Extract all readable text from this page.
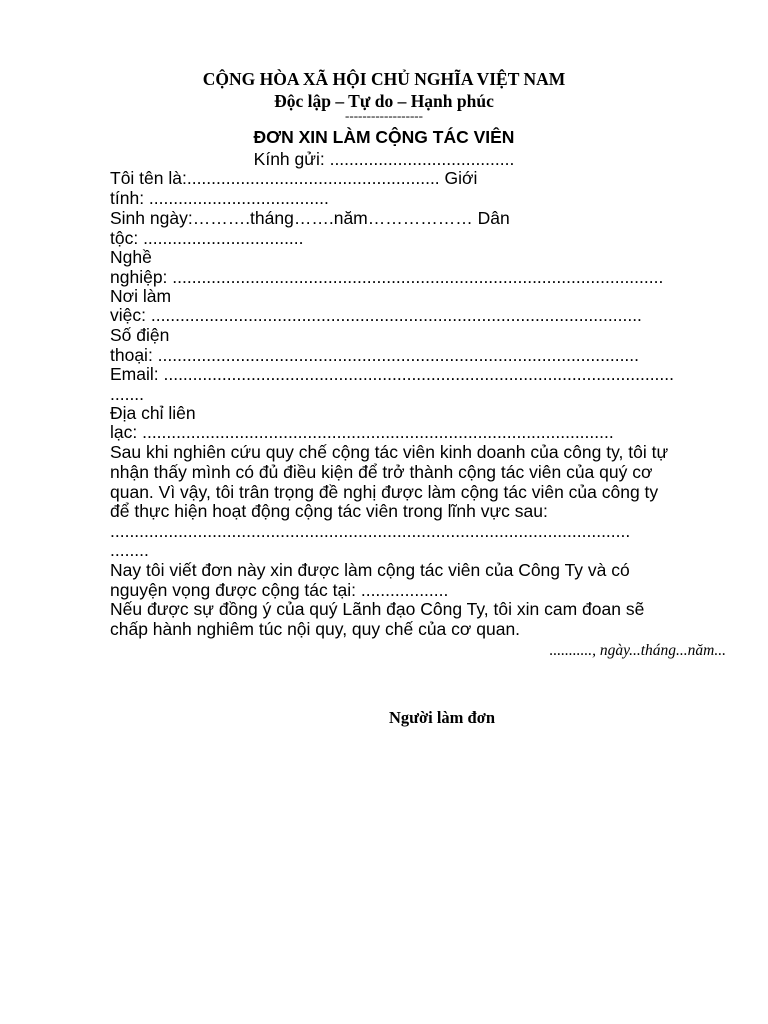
CỘNG HÒA XÃ HỘI CHỦ NGHĨA VIỆT NAM
Độc lập – Tự do – Hạnh phúc
------------------
ĐƠN XIN LÀM CỘNG TÁC VIÊN
Kính gửi: ......................................
Tôi tên là:.................................................... Giới
tính: .....................................
Sinh ngày:……….tháng…….năm……………… Dân
tộc: .................................
Nghề
nghiệp: .....................................................................................................
Nơi làm
việc: .....................................................................................................
Số điện
thoại: ...................................................................................................
Email: .........................................................................................................
.......
Địa chỉ liên
lạc: .................................................................................................
Sau khi nghiên cứu quy chế cộng tác viên kinh doanh của công ty, tôi tự
nhận thấy mình có đủ điều kiện để trở thành cộng tác viên của quý cơ
quan. Vì vậy, tôi trân trọng đề nghị được làm cộng tác viên của công ty
để thực hiện hoạt động cộng tác viên trong lĩnh vực sau:
...........................................................................................................
........
Nay tôi viết đơn này xin được làm cộng tác viên của Công Ty và có
nguyện vọng được cộng tác tại: ..................
Nếu được sự đồng ý của quý Lãnh đạo Công Ty, tôi xin cam đoan sẽ
chấp hành nghiêm túc nội quy, quy chế của cơ quan.
..........., ngày...tháng...năm...
Người làm đơn
